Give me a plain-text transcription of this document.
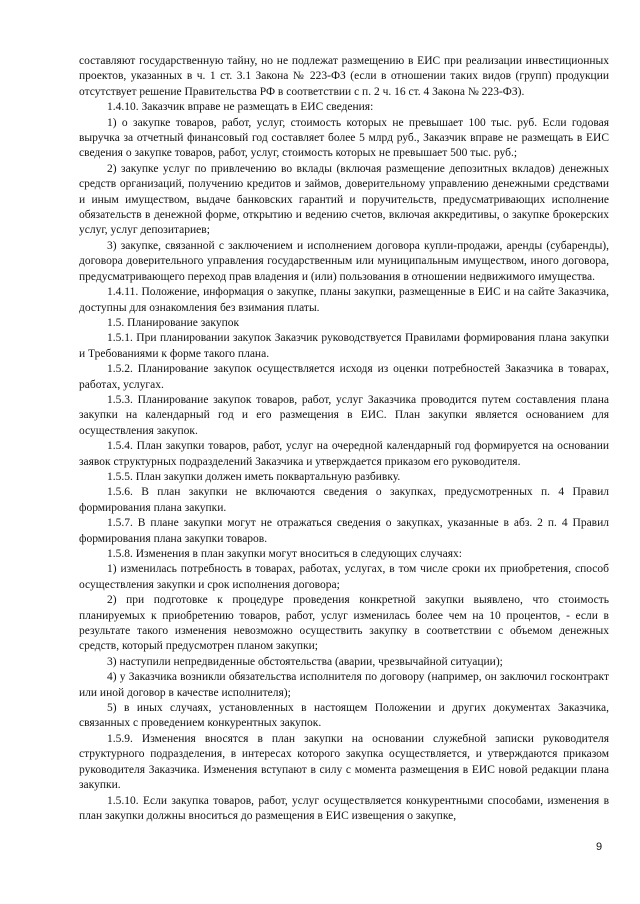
составляют государственную тайну, но не подлежат размещению в ЕИС при реализации инвестиционных проектов, указанных в ч. 1 ст. 3.1 Закона № 223-ФЗ (если в отношении таких видов (групп) продукции отсутствует решение Правительства РФ в соответствии с п. 2 ч. 16 ст. 4 Закона № 223-ФЗ).

1.4.10. Заказчик вправе не размещать в ЕИС сведения:

1) о закупке товаров, работ, услуг, стоимость которых не превышает 100 тыс. руб. Если годовая выручка за отчетный финансовый год составляет более 5 млрд руб., Заказчик вправе не размещать в ЕИС сведения о закупке товаров, работ, услуг, стоимость которых не превышает 500 тыс. руб.;

2) закупке услуг по привлечению во вклады (включая размещение депозитных вкладов) денежных средств организаций, получению кредитов и займов, доверительному управлению денежными средствами и иным имуществом, выдаче банковских гарантий и поручительств, предусматривающих исполнение обязательств в денежной форме, открытию и ведению счетов, включая аккредитивы, о закупке брокерских услуг, услуг депозитариев;

3) закупке, связанной с заключением и исполнением договора купли-продажи, аренды (субаренды), договора доверительного управления государственным или муниципальным имуществом, иного договора, предусматривающего переход прав владения и (или) пользования в отношении недвижимого имущества.

1.4.11. Положение, информация о закупке, планы закупки, размещенные в ЕИС и на сайте Заказчика, доступны для ознакомления без взимания платы.

1.5. Планирование закупок

1.5.1. При планировании закупок Заказчик руководствуется Правилами формирования плана закупки и Требованиями к форме такого плана.

1.5.2. Планирование закупок осуществляется исходя из оценки потребностей Заказчика в товарах, работах, услугах.

1.5.3. Планирование закупок товаров, работ, услуг Заказчика проводится путем составления плана закупки на календарный год и его размещения в ЕИС. План закупки является основанием для осуществления закупок.

1.5.4. План закупки товаров, работ, услуг на очередной календарный год формируется на основании заявок структурных подразделений Заказчика и утверждается приказом его руководителя.

1.5.5. План закупки должен иметь поквартальную разбивку.

1.5.6. В план закупки не включаются сведения о закупках, предусмотренных п. 4 Правил формирования плана закупки.

1.5.7. В плане закупки могут не отражаться сведения о закупках, указанные в абз. 2 п. 4 Правил формирования плана закупки товаров.

1.5.8. Изменения в план закупки могут вноситься в следующих случаях:

1) изменилась потребность в товарах, работах, услугах, в том числе сроки их приобретения, способ осуществления закупки и срок исполнения договора;

2) при подготовке к процедуре проведения конкретной закупки выявлено, что стоимость планируемых к приобретению товаров, работ, услуг изменилась более чем на 10 процентов, - если в результате такого изменения невозможно осуществить закупку в соответствии с объемом денежных средств, который предусмотрен планом закупки;

3) наступили непредвиденные обстоятельства (аварии, чрезвычайной ситуации);

4) у Заказчика возникли обязательства исполнителя по договору (например, он заключил госконтракт или иной договор в качестве исполнителя);

5) в иных случаях, установленных в настоящем Положении и других документах Заказчика, связанных с проведением конкурентных закупок.

1.5.9. Изменения вносятся в план закупки на основании служебной записки руководителя структурного подразделения, в интересах которого закупка осуществляется, и утверждаются приказом руководителя Заказчика. Изменения вступают в силу с момента размещения в ЕИС новой редакции плана закупки.

1.5.10. Если закупка товаров, работ, услуг осуществляется конкурентными способами, изменения в план закупки должны вноситься до размещения в ЕИС извещения о закупке,

9
